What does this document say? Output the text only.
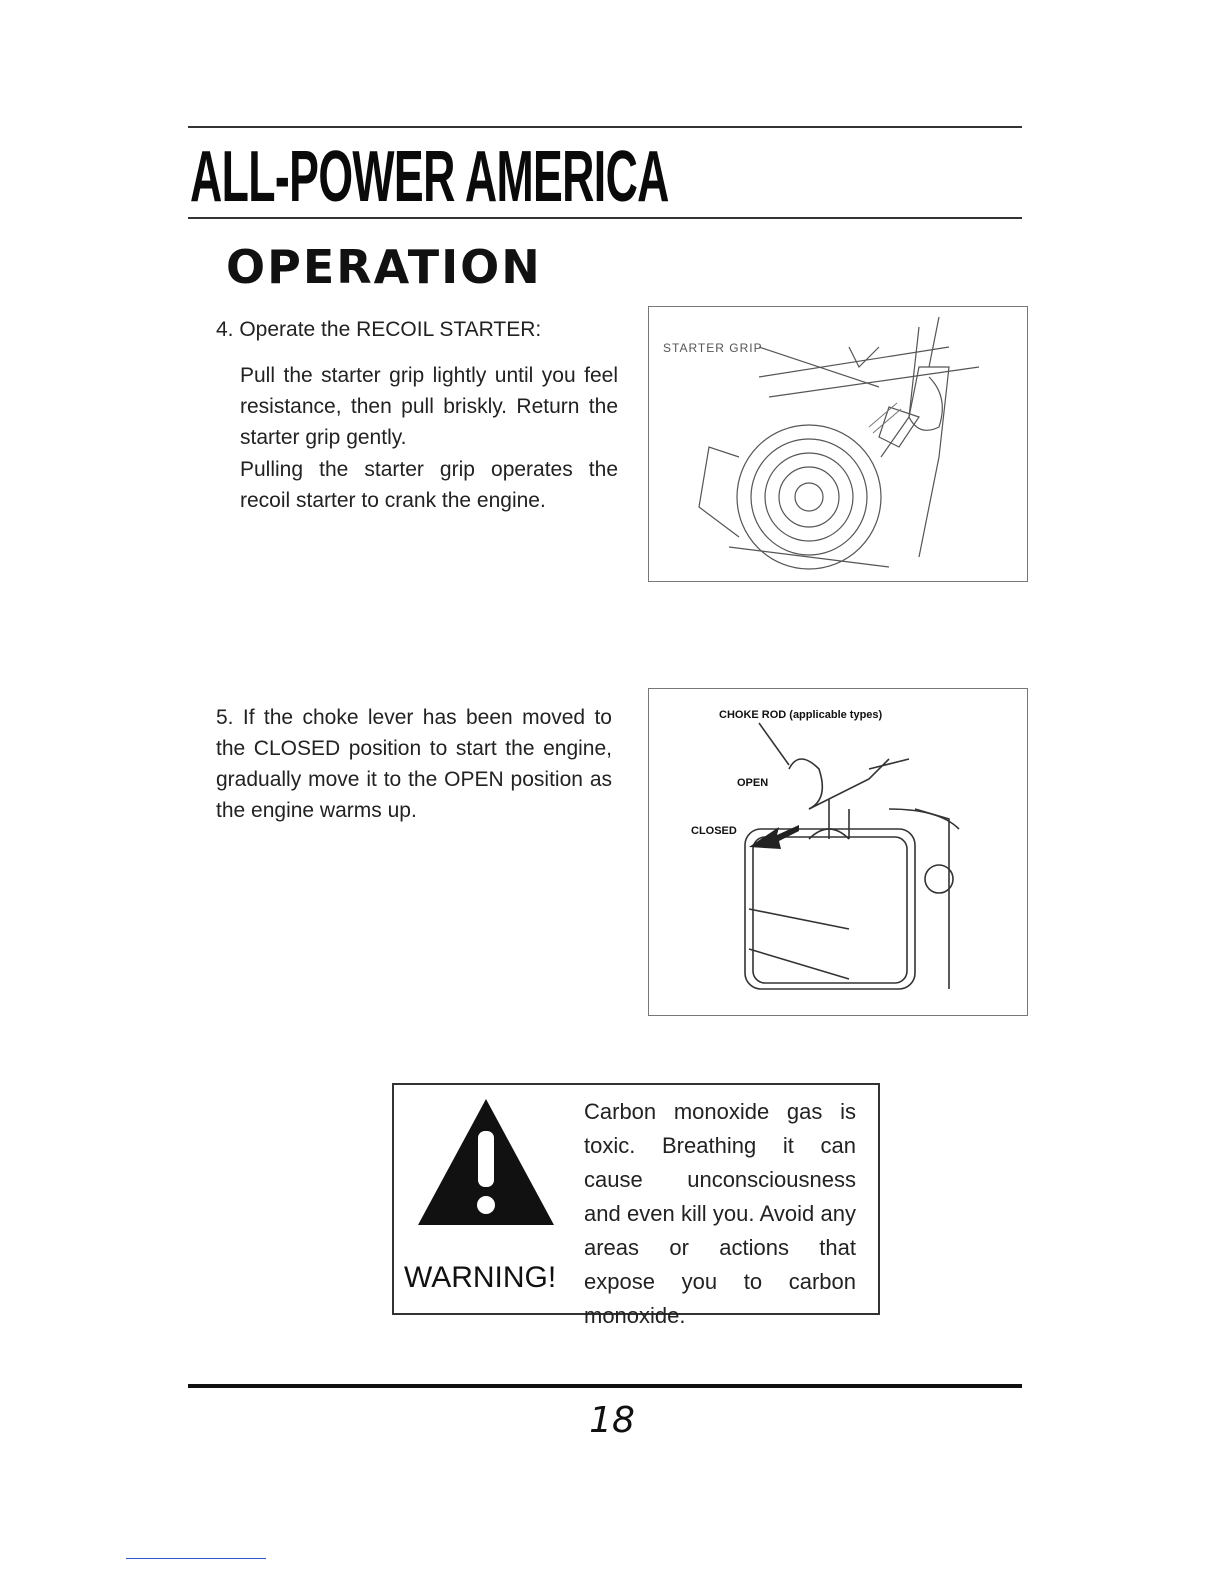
ALL-POWER AMERICA
OPERATION
4. Operate the RECOIL STARTER:
Pull the starter grip lightly until you feel resistance, then pull briskly. Return the starter grip gently.
Pulling the starter grip operates the recoil starter to crank the engine.
STARTER GRIP
5. If the choke lever has been moved to the CLOSED position to start the engine, gradually move it to the OPEN position as the engine warms up.
CHOKE ROD (applicable types)
OPEN
CLOSED
WARNING!
Carbon monoxide gas is toxic. Breathing it can cause unconsciousness and even kill you. Avoid any areas or actions that expose you to carbon monoxide.
18
